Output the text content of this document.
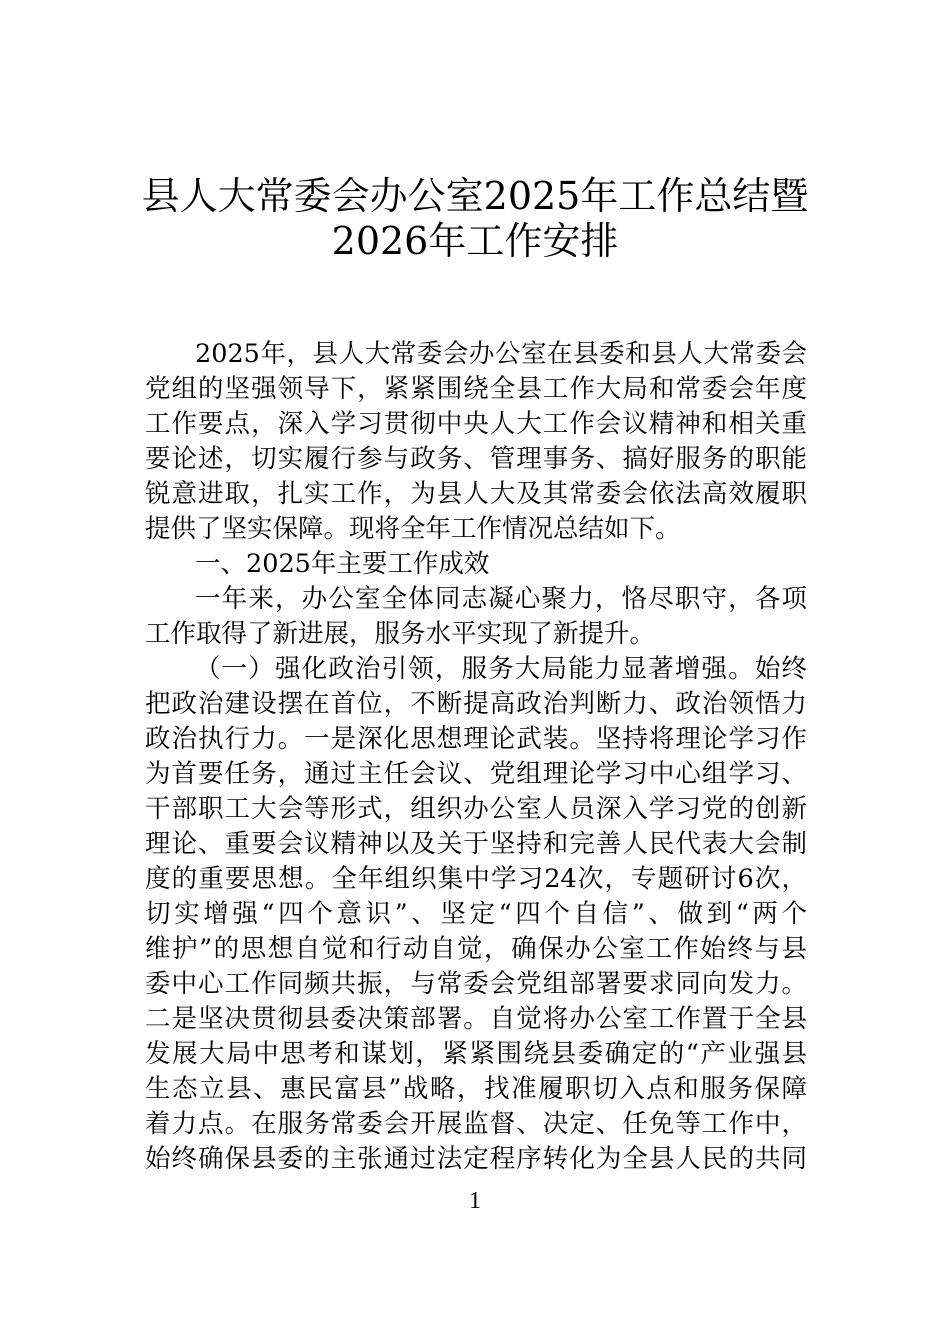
县人大常委会办公室2025年工作总结暨
2026年工作安排
2025年，县人大常委会办公室在县委和县人大常委会
党组的坚强领导下，紧紧围绕全县工作大局和常委会年度
工作要点，深入学习贯彻中央人大工作会议精神和相关重
要论述，切实履行参与政务、管理事务、搞好服务的职能
锐意进取，扎实工作，为县人大及其常委会依法高效履职
提供了坚实保障。现将全年工作情况总结如下。
一、2025年主要工作成效
一年来，办公室全体同志凝心聚力，恪尽职守，各项
工作取得了新进展，服务水平实现了新提升。
（一）强化政治引领，服务大局能力显著增强。始终
把政治建设摆在首位，不断提高政治判断力、政治领悟力
政治执行力。一是深化思想理论武装。坚持将理论学习作
为首要任务，通过主任会议、党组理论学习中心组学习、
干部职工大会等形式，组织办公室人员深入学习党的创新
理论、重要会议精神以及关于坚持和完善人民代表大会制
度的重要思想。全年组织集中学习24次，专题研讨6次，
切实增强“四个意识”、坚定“四个自信”、做到“两个
维护”的思想自觉和行动自觉，确保办公室工作始终与县
委中心工作同频共振，与常委会党组部署要求同向发力。
二是坚决贯彻县委决策部署。自觉将办公室工作置于全县
发展大局中思考和谋划，紧紧围绕县委确定的“产业强县
生态立县、惠民富县”战略，找准履职切入点和服务保障
着力点。在服务常委会开展监督、决定、任免等工作中，
始终确保县委的主张通过法定程序转化为全县人民的共同
1
